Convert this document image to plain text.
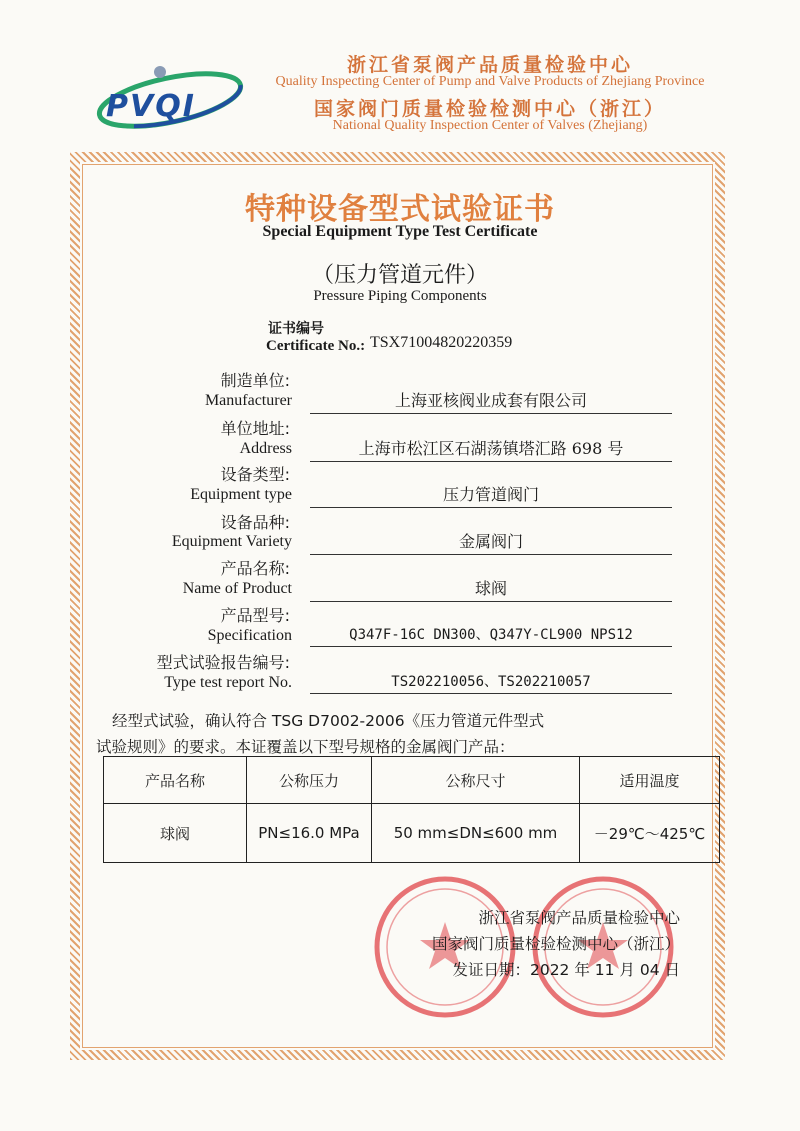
PVQI
浙江省泵阀产品质量检验中心
Quality Inspecting Center of Pump and Valve Products of Zhejiang Province
国家阀门质量检验检测中心（浙江）
National Quality Inspection Center of Valves (Zhejiang)
特种设备型式试验证书
Special Equipment Type Test Certificate
（压力管道元件）
Pressure Piping Components
证书编号
Certificate No.: TSX71004820220359
制造单位:
Manufacturer	上海亚核阀业成套有限公司
单位地址:
Address	上海市松江区石湖荡镇塔汇路 698 号
设备类型:
Equipment type	压力管道阀门
设备品种:
Equipment Variety	金属阀门
产品名称:
Name of Product	球阀
产品型号:
Specification	Q347F-16C DN300、Q347Y-CL900 NPS12
型式试验报告编号:
Type test report No.	TS202210056、TS202210057
经型式试验，确认符合 TSG D7002-2006《压力管道元件型式
试验规则》的要求。本证覆盖以下型号规格的金属阀门产品：
产品名称	公称压力	公称尺寸	适用温度
球阀	PN≤16.0 MPa	50 mm≤DN≤600 mm	－29℃～425℃
浙江省泵阀产品质量检验中心
国家阀门质量检验检测中心（浙江）
发证日期：2022 年 11 月 04 日
